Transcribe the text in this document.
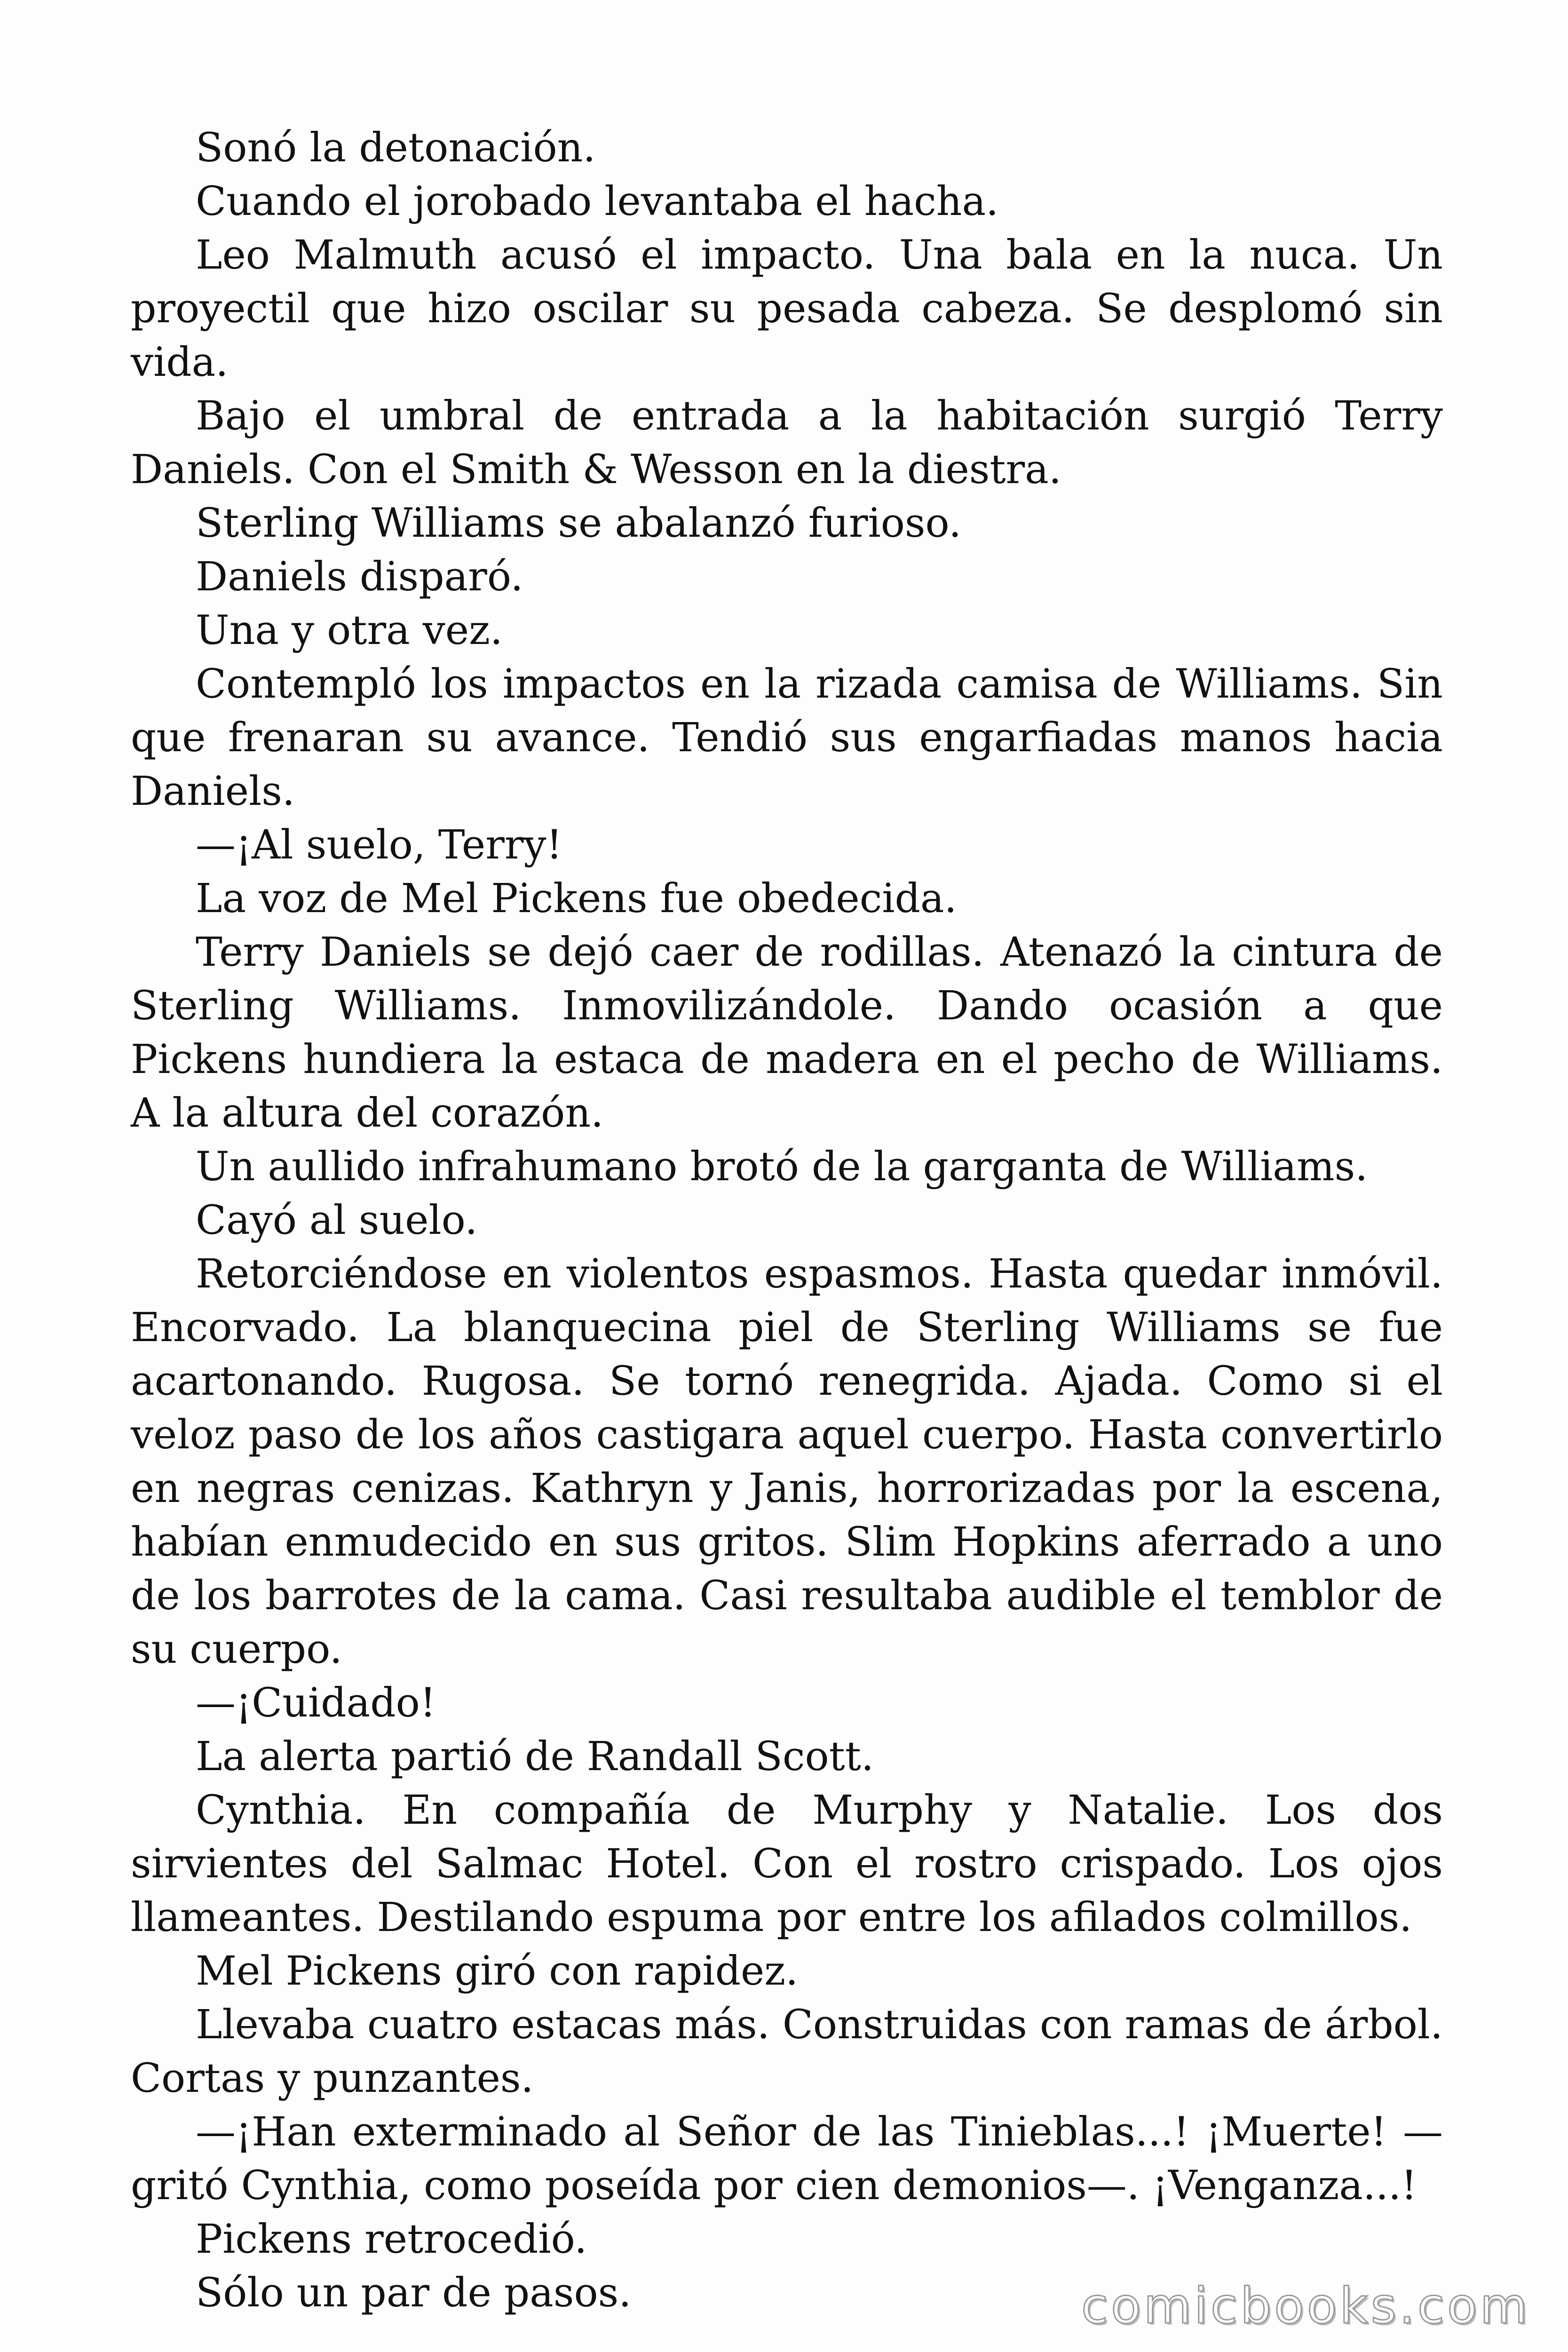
Sonó la detonación.

Cuando el jorobado levantaba el hacha.

Leo Malmuth acusó el impacto. Una bala en la nuca. Un proyectil que hizo oscilar su pesada cabeza. Se desplomó sin vida.

Bajo el umbral de entrada a la habitación surgió Terry Daniels. Con el Smith & Wesson en la diestra.

Sterling Williams se abalanzó furioso.

Daniels disparó.

Una y otra vez.

Contempló los impactos en la rizada camisa de Williams. Sin que frenaran su avance. Tendió sus engarfiadas manos hacia Daniels.

—¡Al suelo, Terry!

La voz de Mel Pickens fue obedecida.

Terry Daniels se dejó caer de rodillas. Atenazó la cintura de Sterling Williams. Inmovilizándole. Dando ocasión a que Pickens hundiera la estaca de madera en el pecho de Williams. A la altura del corazón.

Un aullido infrahumano brotó de la garganta de Williams.

Cayó al suelo.

Retorciéndose en violentos espasmos. Hasta quedar inmóvil. Encorvado. La blanquecina piel de Sterling Williams se fue acartonando. Rugosa. Se tornó renegrida. Ajada. Como si el veloz paso de los años castigara aquel cuerpo. Hasta convertirlo en negras cenizas. Kathryn y Janis, horrorizadas por la escena, habían enmudecido en sus gritos. Slim Hopkins aferrado a uno de los barrotes de la cama. Casi resultaba audible el temblor de su cuerpo.

—¡Cuidado!

La alerta partió de Randall Scott.

Cynthia. En compañía de Murphy y Natalie. Los dos sirvientes del Salmac Hotel. Con el rostro crispado. Los ojos llameantes. Destilando espuma por entre los afilados colmillos.

Mel Pickens giró con rapidez.

Llevaba cuatro estacas más. Construidas con ramas de árbol. Cortas y punzantes.

—¡Han exterminado al Señor de las Tinieblas...! ¡Muerte! —gritó Cynthia, como poseída por cien demonios—. ¡Venganza...!

Pickens retrocedió.

Sólo un par de pasos.	comicbooks.com
